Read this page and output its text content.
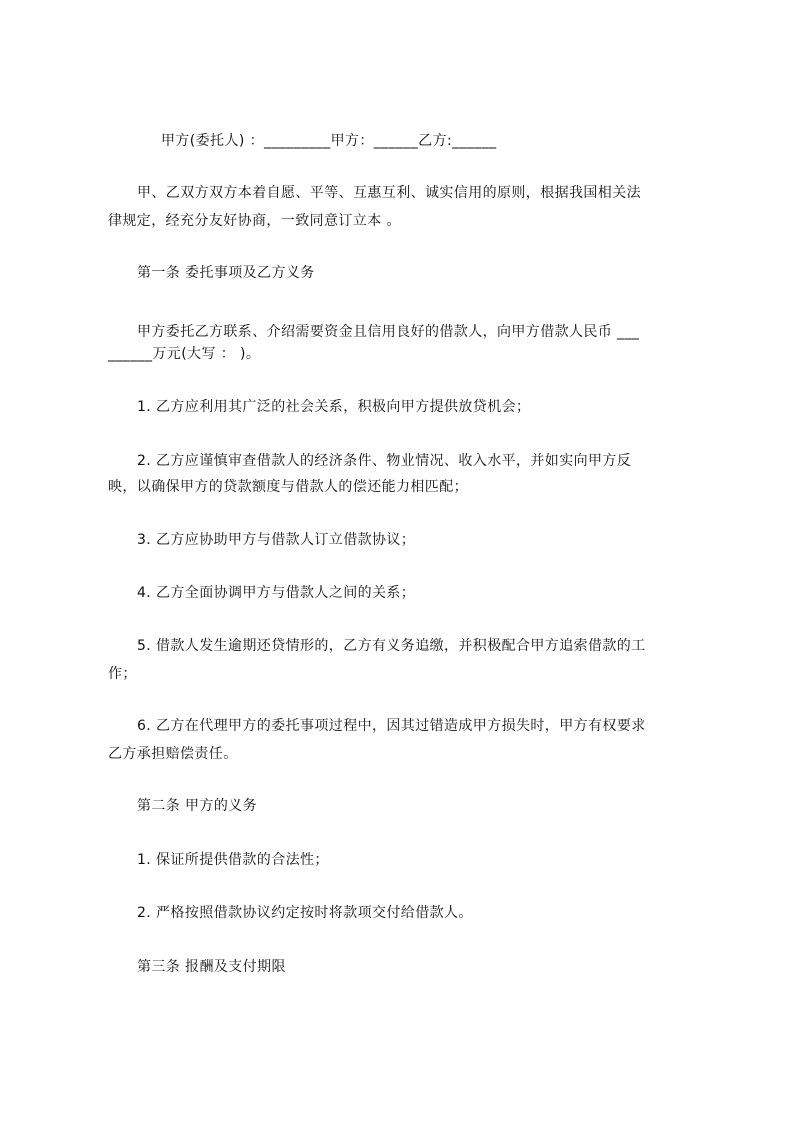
甲方(委托人) ：_________甲方：______乙方:______
甲、乙双方双方本着自愿、平等、互惠互利、诚实信用的原则，根据我国相关法
律规定，经充分友好协商，一致同意订立本 。
第一条 委托事项及乙方义务
甲方委托乙方联系、介绍需要资金且信用良好的借款人，向甲方借款人民币 ___
______万元(大写 ： )。
1. 乙方应利用其广泛的社会关系，积极向甲方提供放贷机会；
2. 乙方应谨慎审查借款人的经济条件、物业情况、收入水平，并如实向甲方反
映，以确保甲方的贷款额度与借款人的偿还能力相匹配；
3. 乙方应协助甲方与借款人订立借款协议；
4. 乙方全面协调甲方与借款人之间的关系；
5. 借款人发生逾期还贷情形的，乙方有义务追缴，并积极配合甲方追索借款的工
作；
6. 乙方在代理甲方的委托事项过程中，因其过错造成甲方损失时，甲方有权要求
乙方承担赔偿责任。
第二条 甲方的义务
1. 保证所提供借款的合法性；
2. 严格按照借款协议约定按时将款项交付给借款人。
第三条 报酬及支付期限
